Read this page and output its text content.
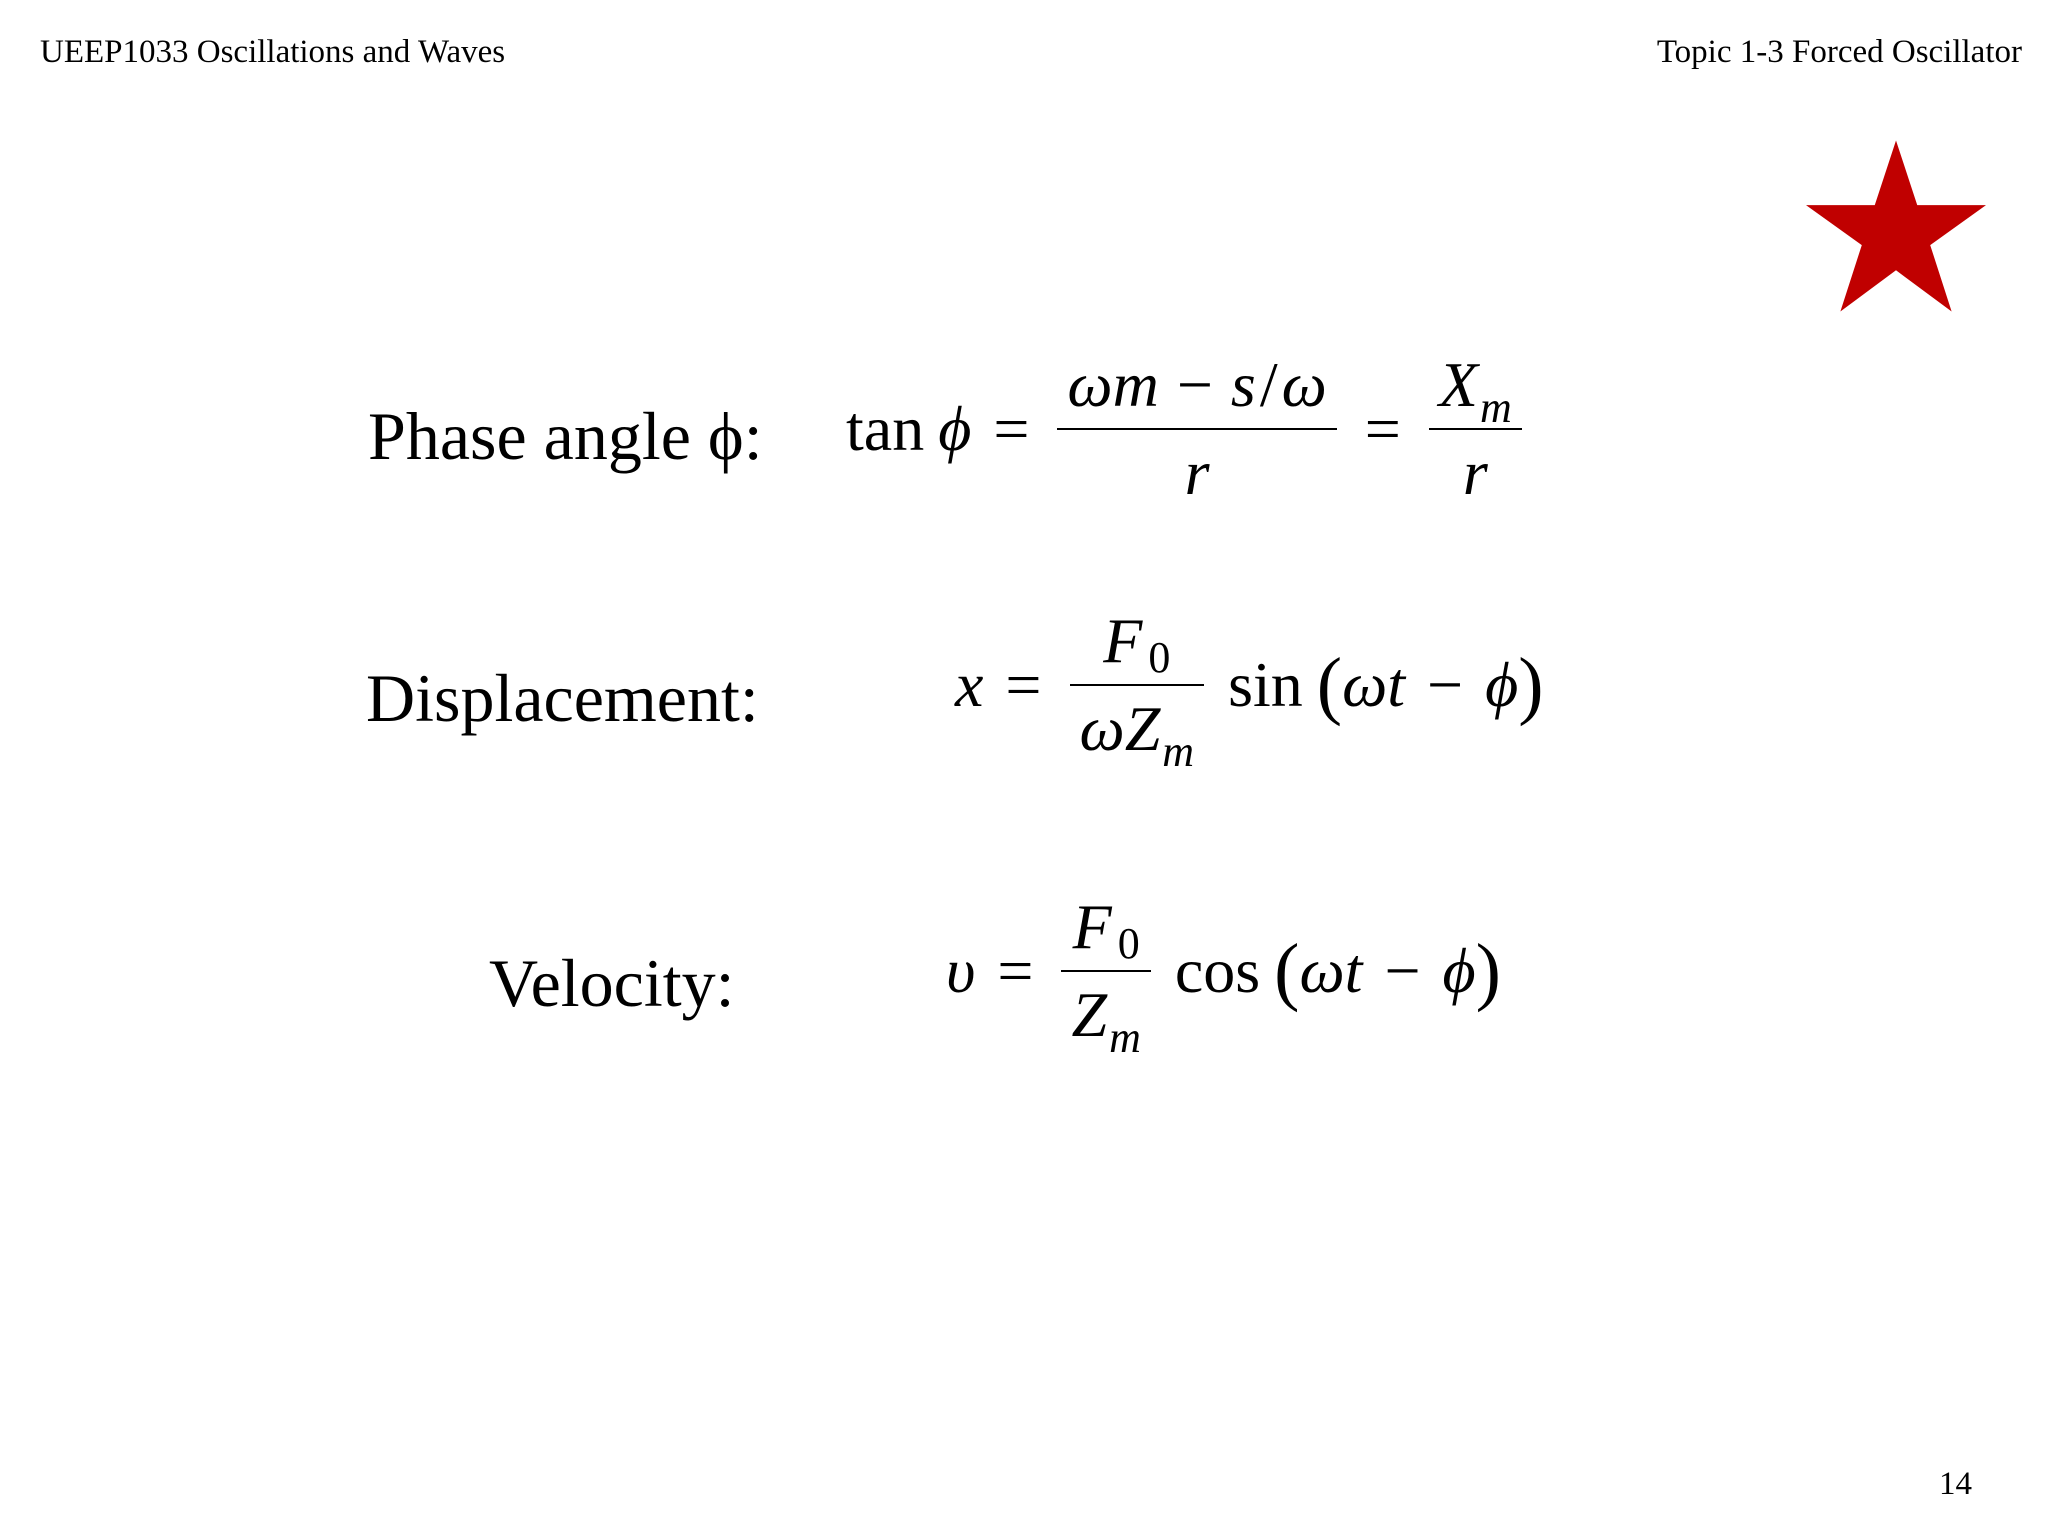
UEEP1033 Oscillations and Waves	Topic 1-3 Forced Oscillator
Phase angle ϕ: $\tan \phi = \frac{\omega m - s/\omega}{r} = \frac{X_m}{r}$
Displacement:	$x = \frac{F 0}{\omega Z_m}$ sin ( ω t − ϕ )
Velocity:	$\upsilon = \frac{F 0}{Z_m}$ cos ( ω t − ϕ )
14
